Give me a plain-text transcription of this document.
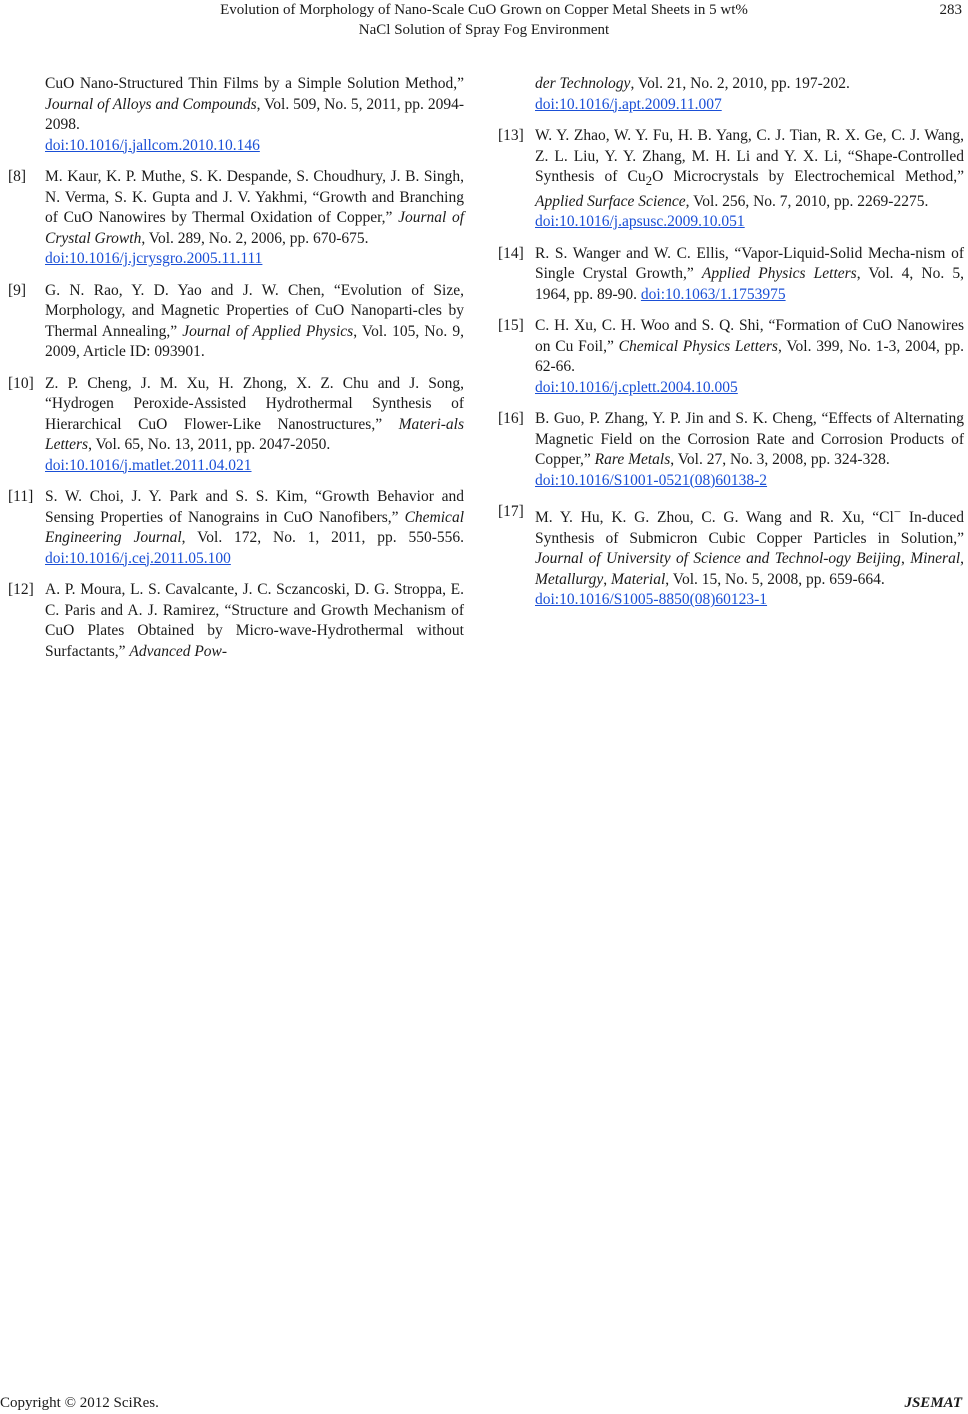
Evolution of Morphology of Nano-Scale CuO Grown on Copper Metal Sheets in 5 wt%
NaCl Solution of Spray Fog Environment
283
CuO Nano-Structured Thin Films by a Simple Solution Method,” Journal of Alloys and Compounds, Vol. 509, No. 5, 2011, pp. 2094-2098.
doi:10.1016/j.jallcom.2010.10.146
[8]	M. Kaur, K. P. Muthe, S. K. Despande, S. Choudhury, J. B. Singh, N. Verma, S. K. Gupta and J. V. Yakhmi, “Growth and Branching of CuO Nanowires by Thermal Oxidation of Copper,” Journal of Crystal Growth, Vol. 289, No. 2, 2006, pp. 670-675.
doi:10.1016/j.jcrysgro.2005.11.111
[9]	G. N. Rao, Y. D. Yao and J. W. Chen, “Evolution of Size, Morphology, and Magnetic Properties of CuO Nanoparti-cles by Thermal Annealing,” Journal of Applied Physics, Vol. 105, No. 9, 2009, Article ID: 093901.
[10] Z. P. Cheng, J. M. Xu, H. Zhong, X. Z. Chu and J. Song, “Hydrogen Peroxide-Assisted Hydrothermal Synthesis of Hierarchical CuO Flower-Like Nanostructures,” Materi-als Letters, Vol. 65, No. 13, 2011, pp. 2047-2050.
doi:10.1016/j.matlet.2011.04.021
[11] S. W. Choi, J. Y. Park and S. S. Kim, “Growth Behavior and Sensing Properties of Nanograins in CuO Nanofibers,” Chemical Engineering Journal, Vol. 172, No. 1, 2011, pp. 550-556. doi:10.1016/j.cej.2011.05.100
[12] A. P. Moura, L. S. Cavalcante, J. C. Sczancoski, D. G. Stroppa, E. C. Paris and A. J. Ramirez, “Structure and Growth Mechanism of CuO Plates Obtained by Micro-wave-Hydrothermal without Surfactants,” Advanced Pow-
der Technology, Vol. 21, No. 2, 2010, pp. 197-202.
doi:10.1016/j.apt.2009.11.007
[13] W. Y. Zhao, W. Y. Fu, H. B. Yang, C. J. Tian, R. X. Ge, C. J. Wang, Z. L. Liu, Y. Y. Zhang, M. H. Li and Y. X. Li, “Shape-Controlled Synthesis of $Cu_2O$ Microcrystals by Electrochemical Method,” Applied Surface Science, Vol. 256, No. 7, 2010, pp. 2269-2275.
doi:10.1016/j.apsusc.2009.10.051
[14] R. S. Wanger and W. C. Ellis, “Vapor-Liquid-Solid Mecha-nism of Single Crystal Growth,” Applied Physics Letters, Vol. 4, No. 5, 1964, pp. 89-90. doi:10.1063/1.1753975
[15] C. H. Xu, C. H. Woo and S. Q. Shi, “Formation of CuO Nanowires on Cu Foil,” Chemical Physics Letters, Vol. 399, No. 1-3, 2004, pp. 62-66.
doi:10.1016/j.cplett.2004.10.005
[16] B. Guo, P. Zhang, Y. P. Jin and S. K. Cheng, “Effects of Alternating Magnetic Field on the Corrosion Rate and Corrosion Products of Copper,” Rare Metals, Vol. 27, No. 3, 2008, pp. 324-328.
doi:10.1016/S1001-0521(08)60138-2
[17] M. Y. Hu, K. G. Zhou, C. G. Wang and R. Xu, “Cl− In-duced Synthesis of Submicron Cubic Copper Particles in Solution,” Journal of University of Science and Technol-ogy Beijing, Mineral, Metallurgy, Material, Vol. 15, No. 5, 2008, pp. 659-664.
doi:10.1016/S1005-8850(08)60123-1
Copyright © 2012 SciRes.	JSEMAT
